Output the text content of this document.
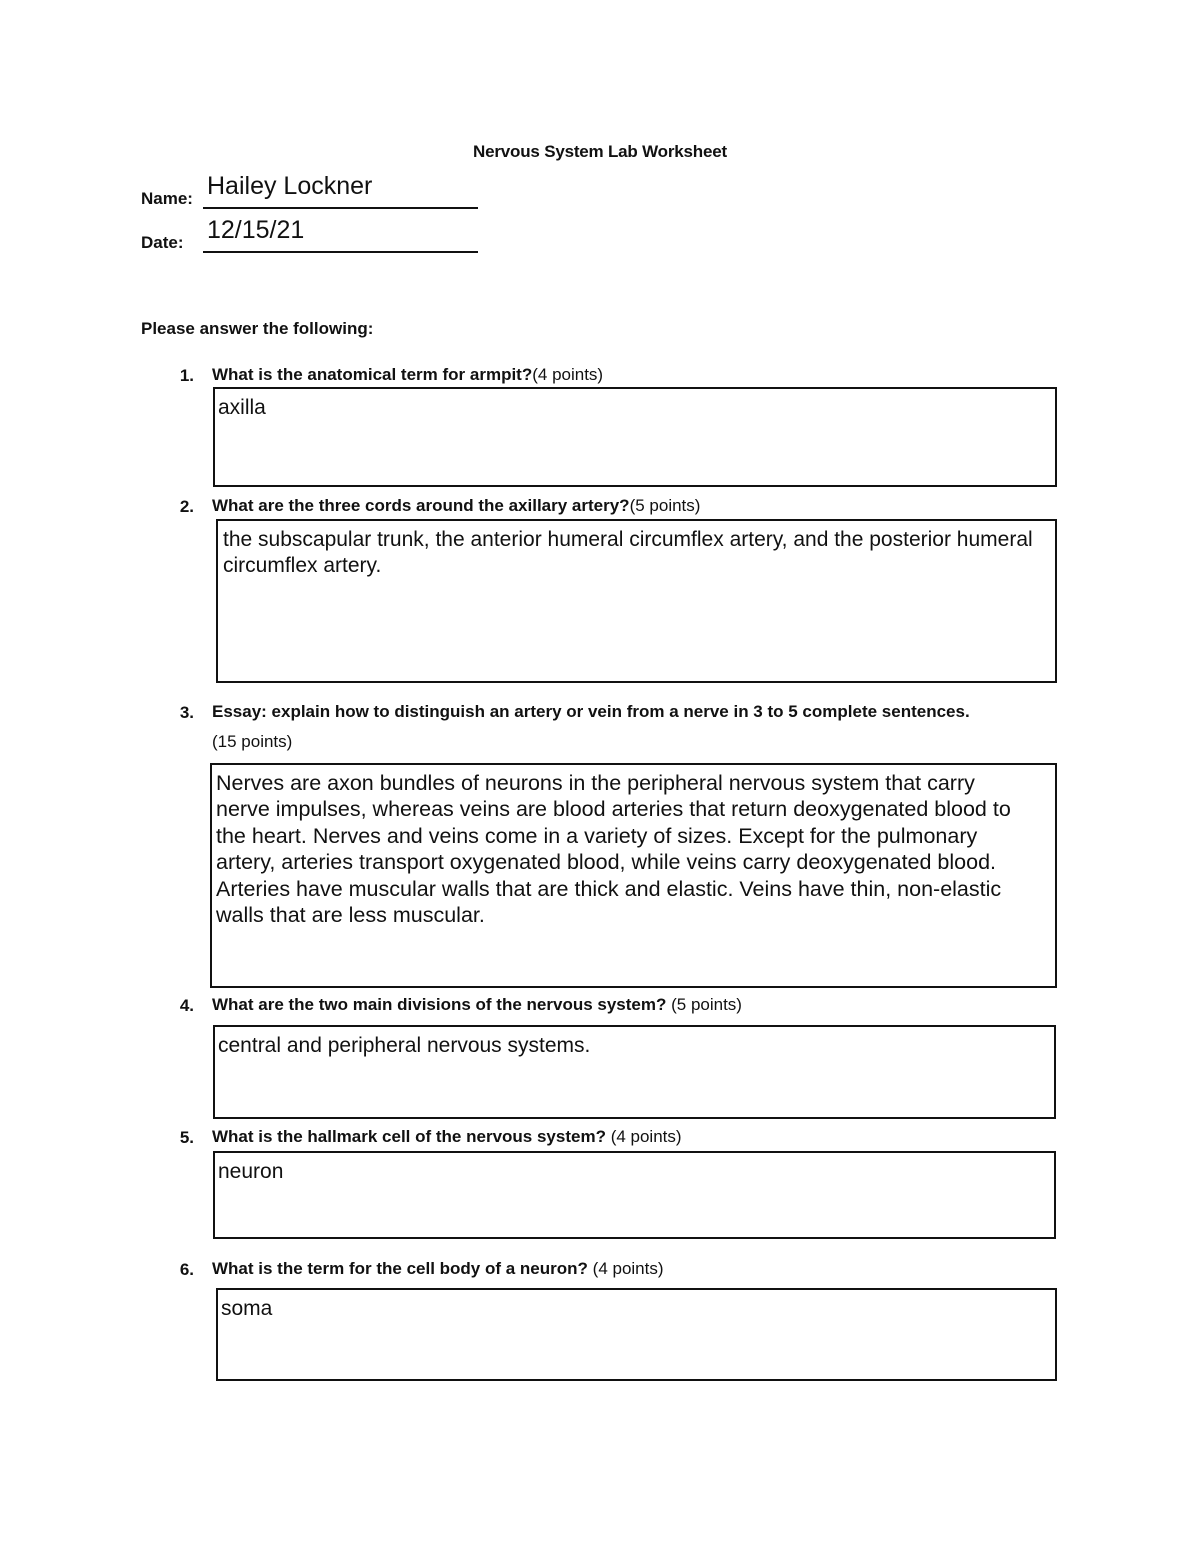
Nervous System Lab Worksheet
Name: Hailey Lockner
Date: 12/15/21
Please answer the following:
1. What is the anatomical term for armpit?(4 points)
axilla
2. What are the three cords around the axillary artery?(5 points)
the subscapular trunk, the anterior humeral circumflex artery, and the posterior humeral circumflex artery.
3. Essay: explain how to distinguish an artery or vein from a nerve in 3 to 5 complete sentences.
(15 points)
Nerves are axon bundles of neurons in the peripheral nervous system that carry nerve impulses, whereas veins are blood arteries that return deoxygenated blood to the heart. Nerves and veins come in a variety of sizes. Except for the pulmonary artery, arteries transport oxygenated blood, while veins carry deoxygenated blood. Arteries have muscular walls that are thick and elastic. Veins have thin, non-elastic walls that are less muscular.
4. What are the two main divisions of the nervous system? (5 points)
central and peripheral nervous systems.
5. What is the hallmark cell of the nervous system? (4 points)
neuron
6. What is the term for the cell body of a neuron? (4 points)
soma
